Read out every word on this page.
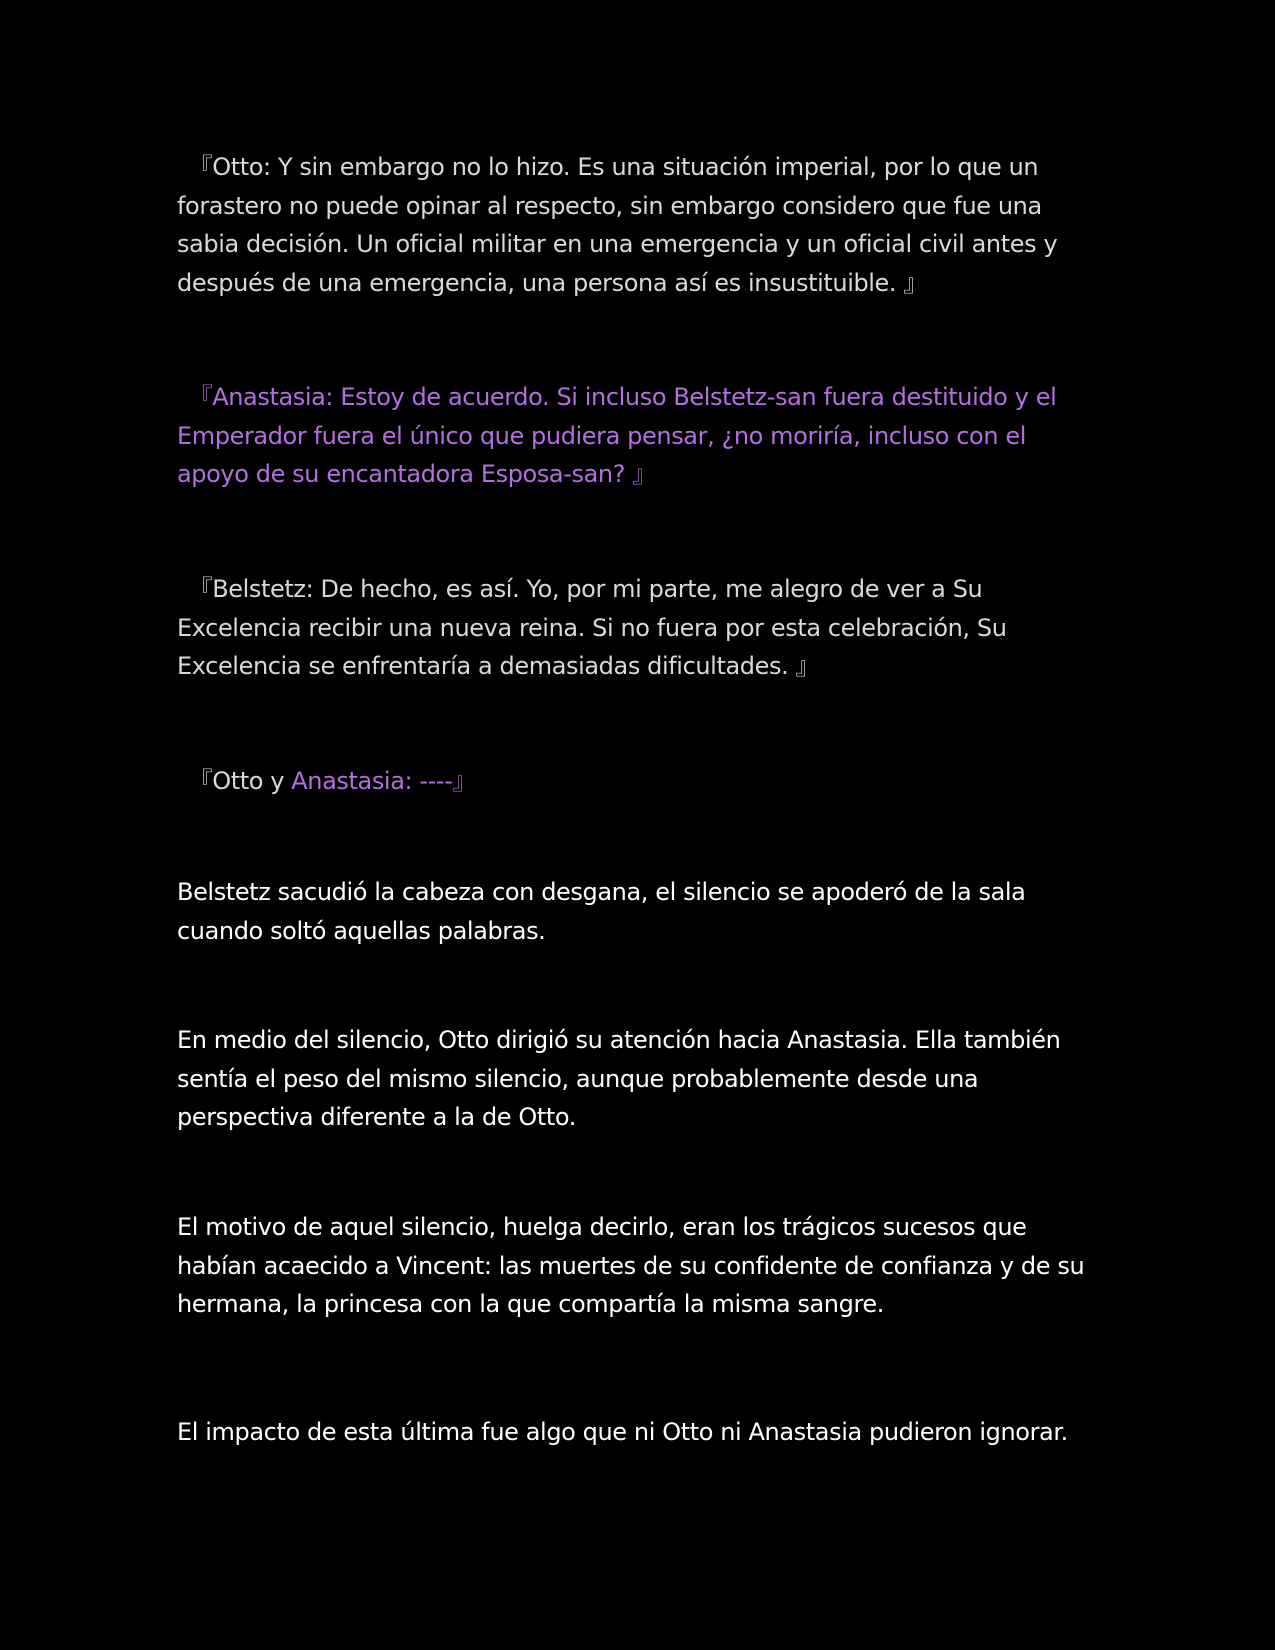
　『Otto: Y sin embargo no lo hizo. Es una situación imperial, por lo que un forastero no puede opinar al respecto, sin embargo considero que fue una sabia decisión. Un oficial militar en una emergencia y un oficial civil antes y después de una emergencia, una persona así es insustituible. 』

　『Anastasia: Estoy de acuerdo. Si incluso Belstetz-san fuera destituido y el Emperador fuera el único que pudiera pensar, ¿no moriría, incluso con el apoyo de su encantadora Esposa-san? 』

　『Belstetz: De hecho, es así. Yo, por mi parte, me alegro de ver a Su Excelencia recibir una nueva reina. Si no fuera por esta celebración, Su Excelencia se enfrentaría a demasiadas dificultades. 』

　『Otto y Anastasia: ----』

Belstetz sacudió la cabeza con desgana, el silencio se apoderó de la sala cuando soltó aquellas palabras.

En medio del silencio, Otto dirigió su atención hacia Anastasia. Ella también sentía el peso del mismo silencio, aunque probablemente desde una perspectiva diferente a la de Otto.

El motivo de aquel silencio, huelga decirlo, eran los trágicos sucesos que habían acaecido a Vincent: las muertes de su confidente de confianza y de su hermana, la princesa con la que compartía la misma sangre.

El impacto de esta última fue algo que ni Otto ni Anastasia pudieron ignorar.
